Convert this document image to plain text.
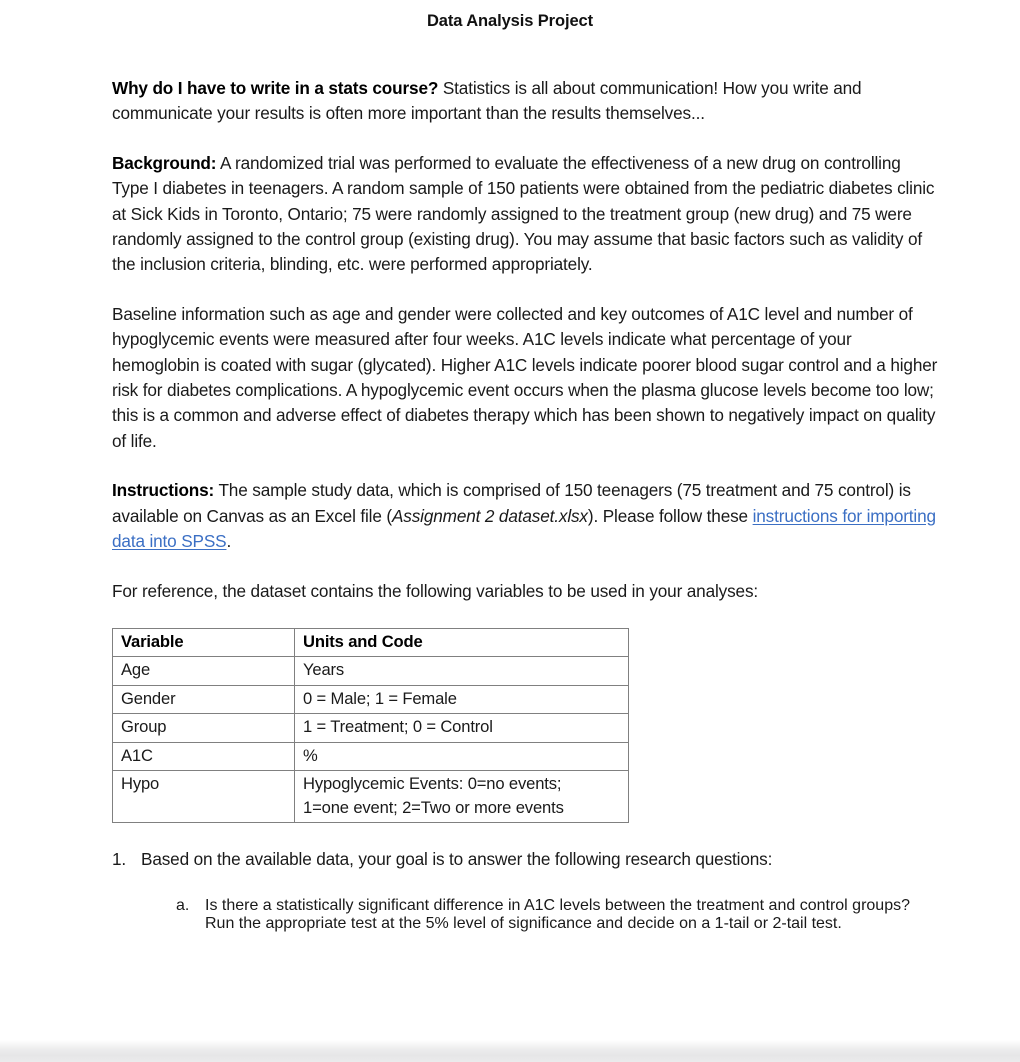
Data Analysis Project

Why do I have to write in a stats course? Statistics is all about communication! How you write and communicate your results is often more important than the results themselves...

Background: A randomized trial was performed to evaluate the effectiveness of a new drug on controlling Type I diabetes in teenagers. A random sample of 150 patients were obtained from the pediatric diabetes clinic at Sick Kids in Toronto, Ontario; 75 were randomly assigned to the treatment group (new drug) and 75 were randomly assigned to the control group (existing drug). You may assume that basic factors such as validity of the inclusion criteria, blinding, etc. were performed appropriately.

Baseline information such as age and gender were collected and key outcomes of A1C level and number of hypoglycemic events were measured after four weeks. A1C levels indicate what percentage of your hemoglobin is coated with sugar (glycated). Higher A1C levels indicate poorer blood sugar control and a higher risk for diabetes complications. A hypoglycemic event occurs when the plasma glucose levels become too low; this is a common and adverse effect of diabetes therapy which has been shown to negatively impact on quality of life.

Instructions: The sample study data, which is comprised of 150 teenagers (75 treatment and 75 control) is available on Canvas as an Excel file (Assignment 2 dataset.xlsx). Please follow these instructions for importing data into SPSS.

For reference, the dataset contains the following variables to be used in your analyses:

Variable	Units and Code
Age	Years
Gender	0 = Male; 1 = Female
Group	1 = Treatment; 0 = Control
A1C	%
Hypo	Hypoglycemic Events: 0=no events;
1=one event; 2=Two or more events
1. Based on the available data, your goal is to answer the following research questions:
a. Is there a statistically significant difference in A1C levels between the treatment and control groups? Run the appropriate test at the 5% level of significance and decide on a 1-tail or 2-tail test.
